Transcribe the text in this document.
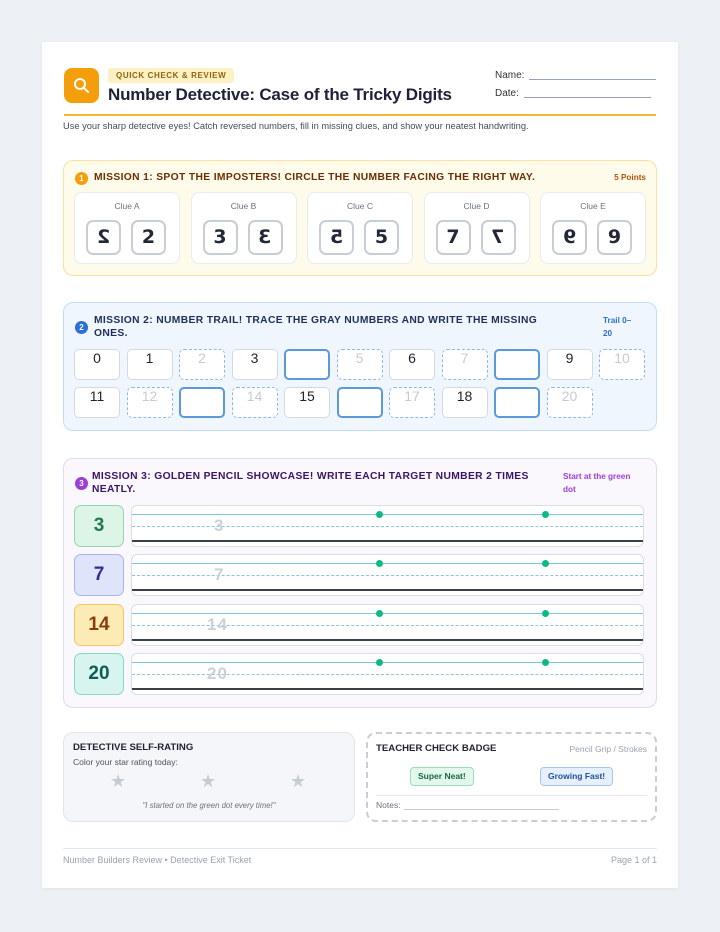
QUICK CHECK & REVIEW
Number Detective: Case of the Tricky Digits
Name:
Date:
Use your sharp detective eyes! Catch reversed numbers, fill in missing clues, and show your neatest handwriting.
1 MISSION 1: SPOT THE IMPOSTERS! CIRCLE THE NUMBER FACING THE RIGHT WAY.	5 Points
Clue A
2	2
Clue B
3	3
Clue C
5	5
Clue D
7	7
Clue E
9	9
2
MISSION 2: NUMBER TRAIL! TRACE THE GRAY NUMBERS AND WRITE THE MISSING
ONES.
Trail 0–
20
0	1	2	3	5	6	7	9	10
11	12	14	15	17	18	20
3
MISSION 3: GOLDEN PENCIL SHOWCASE! WRITE EACH TARGET NUMBER 2 TIMES
NEATLY.
Start at the green
dot
3	3
7	7
14	14
20	20
DETECTIVE SELF-RATING
Color your star rating today:
★	★	★
"I started on the green dot every time!"
TEACHER CHECK BADGE	Pencil Grip / Strokes
Super Neat!	Growing Fast!
Notes:
Number Builders Review • Detective Exit Ticket	Page 1 of 1
